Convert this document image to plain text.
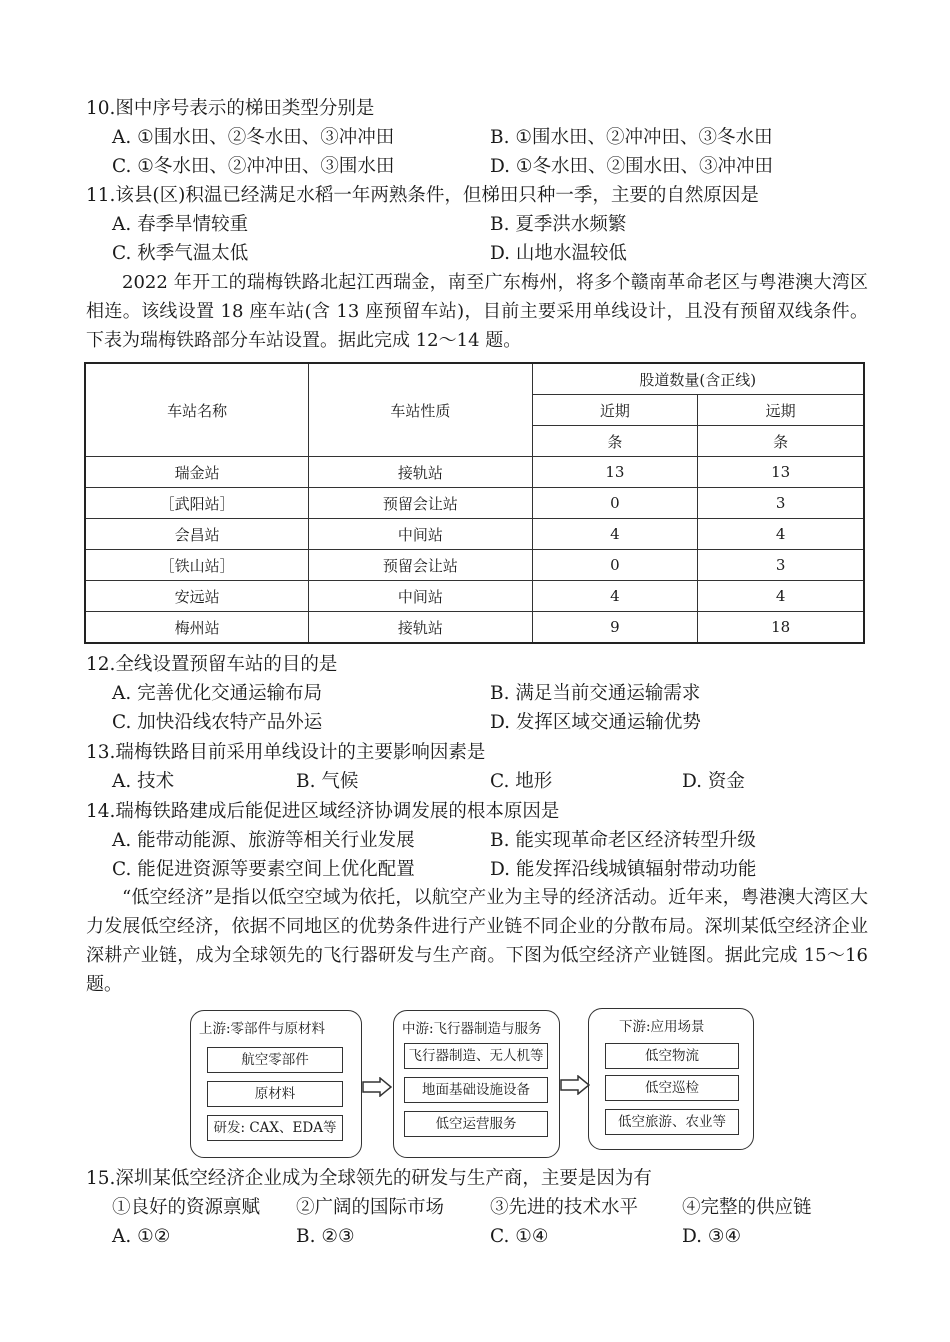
10.图中序号表示的梯田类型分别是
A. ①围水田、②冬水田、③冲冲田	B. ①围水田、②冲冲田、③冬水田
C. ①冬水田、②冲冲田、③围水田	D. ①冬水田、②围水田、③冲冲田
11.该县(区)积温已经满足水稻一年两熟条件，但梯田只种一季，主要的自然原因是
A. 春季旱情较重	B. 夏季洪水频繁
C. 秋季气温太低	D. 山地水温较低
2022 年开工的瑞梅铁路北起江西瑞金，南至广东梅州，将多个赣南革命老区与粤港澳大湾区相连。该线设置 18 座车站(含 13 座预留车站)，目前主要采用单线设计，且没有预留双线条件。下表为瑞梅铁路部分车站设置。据此完成 12～14 题。
车站名称	车站性质	股道数量(含正线)	
		近期	远期
		条	条
瑞金站	接轨站	13	13
［武阳站］	预留会让站	0	3
会昌站	中间站	4	4
［铁山站］	预留会让站	0	3
安远站	中间站	4	4
梅州站	接轨站	9	18
12.全线设置预留车站的目的是
A. 完善优化交通运输布局	B. 满足当前交通运输需求
C. 加快沿线农特产品外运	D. 发挥区域交通运输优势
13.瑞梅铁路目前采用单线设计的主要影响因素是
A. 技术	B. 气候	C. 地形	D. 资金
14.瑞梅铁路建成后能促进区域经济协调发展的根本原因是
A. 能带动能源、旅游等相关行业发展	B. 能实现革命老区经济转型升级
C. 能促进资源等要素空间上优化配置	D. 能发挥沿线城镇辐射带动功能
“低空经济”是指以低空空域为依托，以航空产业为主导的经济活动。近年来，粤港澳大湾区大力发展低空经济，依据不同地区的优势条件进行产业链不同企业的分散布局。深圳某低空经济企业深耕产业链，成为全球领先的飞行器研发与生产商。下图为低空经济产业链图。据此完成 15～16 题。
上游:零部件与原材料
航空零部件
原材料
研发: CAX、EDA等
中游:飞行器制造与服务
飞行器制造、无人机等
地面基础设施设备
低空运营服务
下游:应用场景
低空物流
低空巡检
低空旅游、农业等
15.深圳某低空经济企业成为全球领先的研发与生产商，主要是因为有
①良好的资源禀赋 ②广阔的国际市场 ③先进的技术水平 ④完整的供应链
A. ①②	B. ②③	C. ①④	D. ③④
